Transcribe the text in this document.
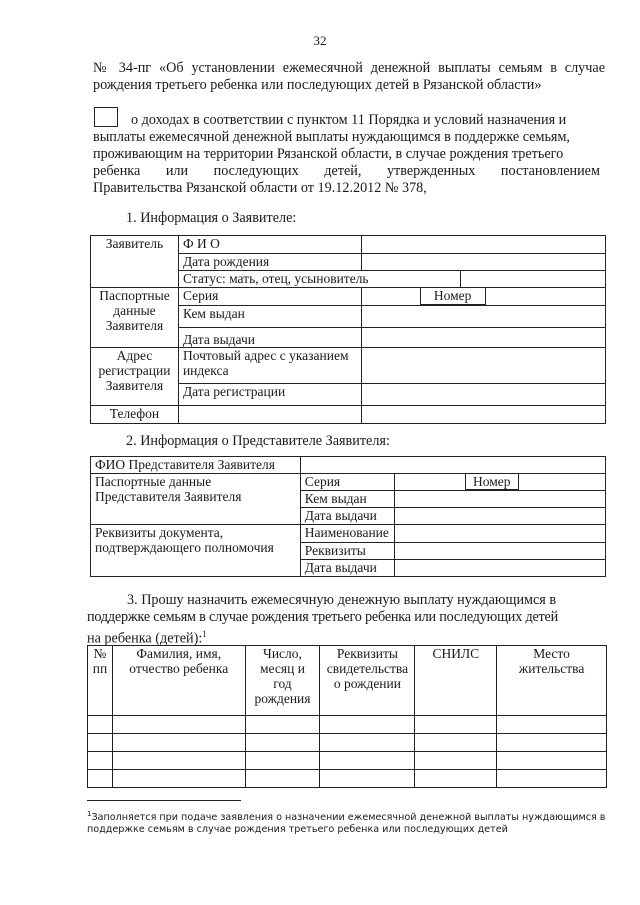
32
№ 34-пг «Об установлении ежемесячной денежной выплаты семьям в случае рождения третьего ребенка или последующих детей в Рязанской области»
о доходах в соответствии с пунктом 11 Порядка и условий назначения и
выплаты ежемесячной денежной выплаты нуждающимся в поддержке семьям,
проживающим на территории Рязанской области, в случае рождения третьего
ребенка или последующих детей, утвержденных постановлением
Правительства Рязанской области от 19.12.2012 № 378,
1. Информация о Заявителе:
Заявитель	Ф И О		
	Дата рождения		
	Статус: мать, отец, усыновитель		
Паспортные данные Заявителя	Серия	Номер	

	Кем выдан		
	Дата выдачи		
Адрес регистрации Заявителя	Почтовый адрес с указанием индекса		
	Дата регистрации		
Телефон			
2. Информация о Представителе Заявителя:
ФИО Представителя Заявителя		
Паспортные данные Представителя Заявителя	Серия	Номер

	Кем выдан	
	Дата выдачи	
Реквизиты документа, подтверждающего полномочия	Наименование	
	Реквизиты	
	Дата выдачи	
3. Прошу назначить ежемесячную денежную выплату нуждающимся в
поддержке семьям в случае рождения третьего ребенка или последующих детей
на ребенка (детей):$^1$
№ пп	Фамилия, имя, отчество ребенка	Число, месяц и год рождения	Реквизиты свидетельства о рождении	СНИЛС	Место жительства

$^1$Заполняется при подаче заявления о назначении ежемесячной денежной выплаты нуждающимся в поддержке семьям в случае рождения третьего ребенка или последующих детей
